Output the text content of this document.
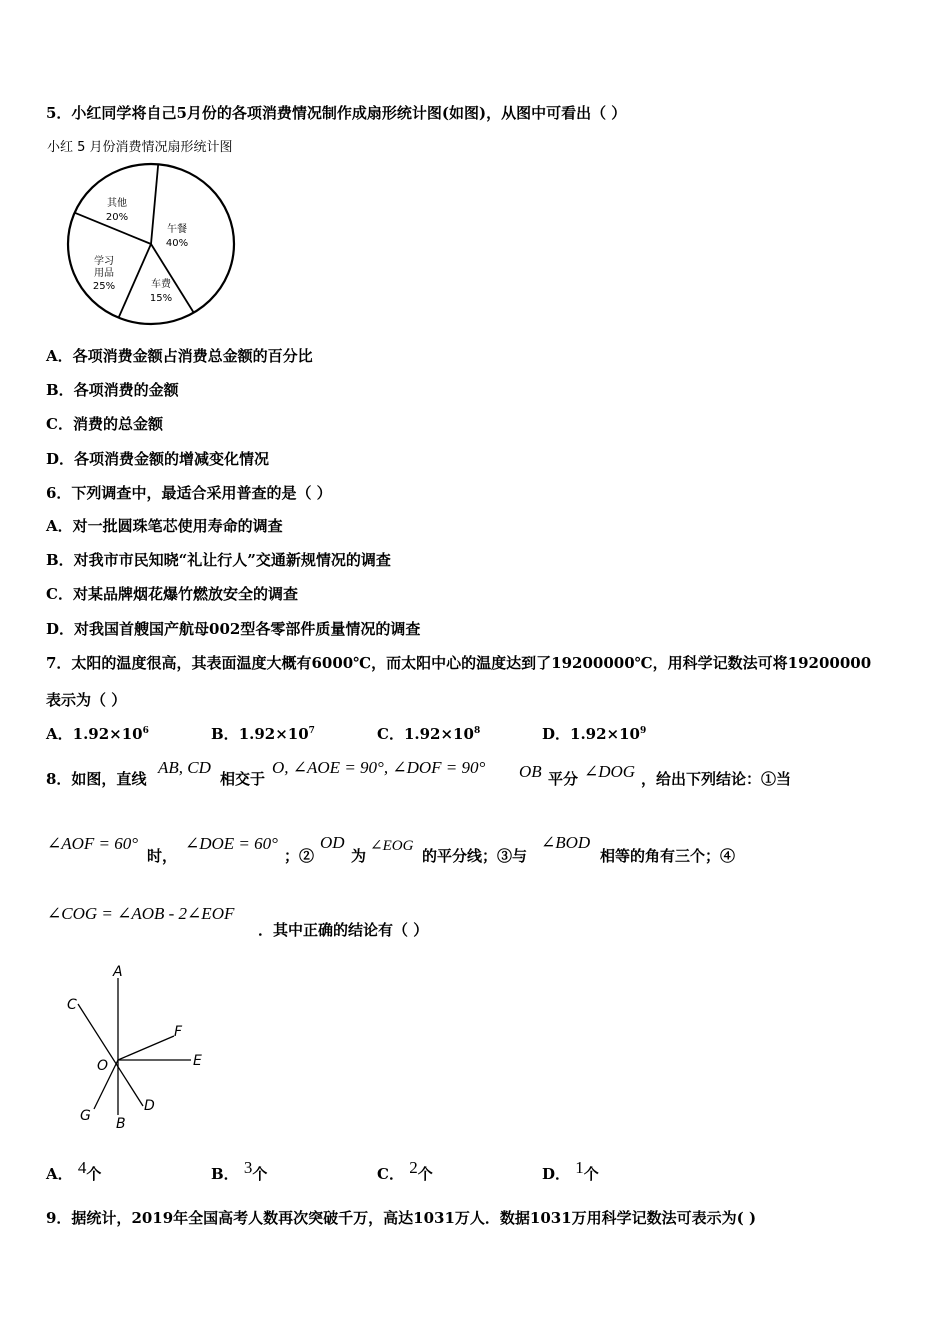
5．小红同学将自己5月份的各项消费情况制作成扇形统计图(如图)，从图中可看出（ ）
小红 5 月份消费情况扇形统计图
午餐
40%
车费
15%
学习
用品
25%
其他
20%
A．各项消费金额占消费总金额的百分比
B．各项消费的金额
C．消费的总金额
D．各项消费金额的增减变化情况
6．下列调查中，最适合采用普查的是（ ）
A．对一批圆珠笔芯使用寿命的调查
B．对我市市民知晓“礼让行人”交通新规情况的调查
C．对某品牌烟花爆竹燃放安全的调查
D．对我国首艘国产航母002型各零部件质量情况的调查
7．太阳的温度很高，其表面温度大概有6000℃，而太阳中心的温度达到了19200000℃，用科学记数法可将19200000
表示为（ ）
A．$1.92\times 10^6$	B．$1.92\times 10^7$	C．$1.92\times 10^8$	D．$1.92\times 10^9$
8．如图，直线
AB, CD
相交于
O, ∠AOE = 90°, ∠DOF = 90° OB 平分 ∠DOG ，给出下列结论：①当
∠AOF = 60°
时，
∠DOE = 60°
；②
OD
为
∠EOG
的平分线；③与
∠BOD
相等的角有三个；④
∠COG = ∠AOB - 2∠EOF
．其中正确的结论有（ ）
A
C
F
O	E
G B
D
A． 4个	B． 3个	C． 2个	D． 1个
9．据统计，2019年全国高考人数再次突破千万，高达1031万人．数据1031万用科学记数法可表示为( )
